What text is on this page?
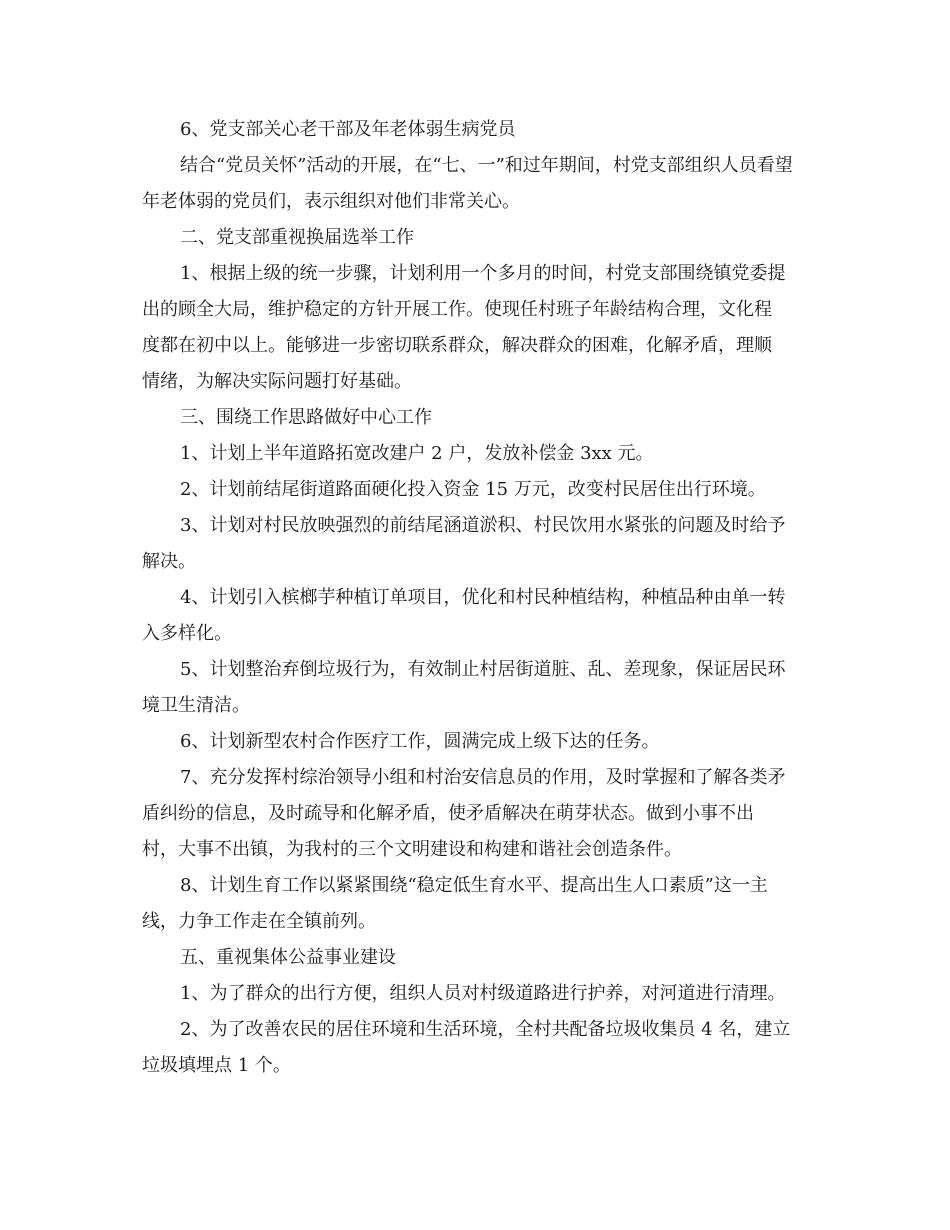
6、党支部关心老干部及年老体弱生病党员
结合“党员关怀”活动的开展，在“七、一”和过年期间，村党支部组织人员看望
年老体弱的党员们，表示组织对他们非常关心。
二、党支部重视换届选举工作
1、根据上级的统一步骤，计划利用一个多月的时间，村党支部围绕镇党委提
出的顾全大局，维护稳定的方针开展工作。使现任村班子年龄结构合理，文化程
度都在初中以上。能够进一步密切联系群众，解决群众的困难，化解矛盾，理顺
情绪，为解决实际问题打好基础。
三、围绕工作思路做好中心工作
1、计划上半年道路拓宽改建户 2 户，发放补偿金 3xx 元。
2、计划前结尾街道路面硬化投入资金 15 万元，改变村民居住出行环境。
3、计划对村民放映强烈的前结尾涵道淤积、村民饮用水紧张的问题及时给予
解决。
4、计划引入槟榔芋种植订单项目，优化和村民种植结构，种植品种由单一转
入多样化。
5、计划整治弃倒垃圾行为，有效制止村居街道脏、乱、差现象，保证居民环
境卫生清洁。
6、计划新型农村合作医疗工作，圆满完成上级下达的任务。
7、充分发挥村综治领导小组和村治安信息员的作用，及时掌握和了解各类矛
盾纠纷的信息，及时疏导和化解矛盾，使矛盾解决在萌芽状态。做到小事不出
村，大事不出镇，为我村的三个文明建设和构建和谐社会创造条件。
8、计划生育工作以紧紧围绕“稳定低生育水平、提高出生人口素质”这一主
线，力争工作走在全镇前列。
五、重视集体公益事业建设
1、为了群众的出行方便，组织人员对村级道路进行护养，对河道进行清理。
2、为了改善农民的居住环境和生活环境，全村共配备垃圾收集员 4 名，建立
垃圾填埋点 1 个。
